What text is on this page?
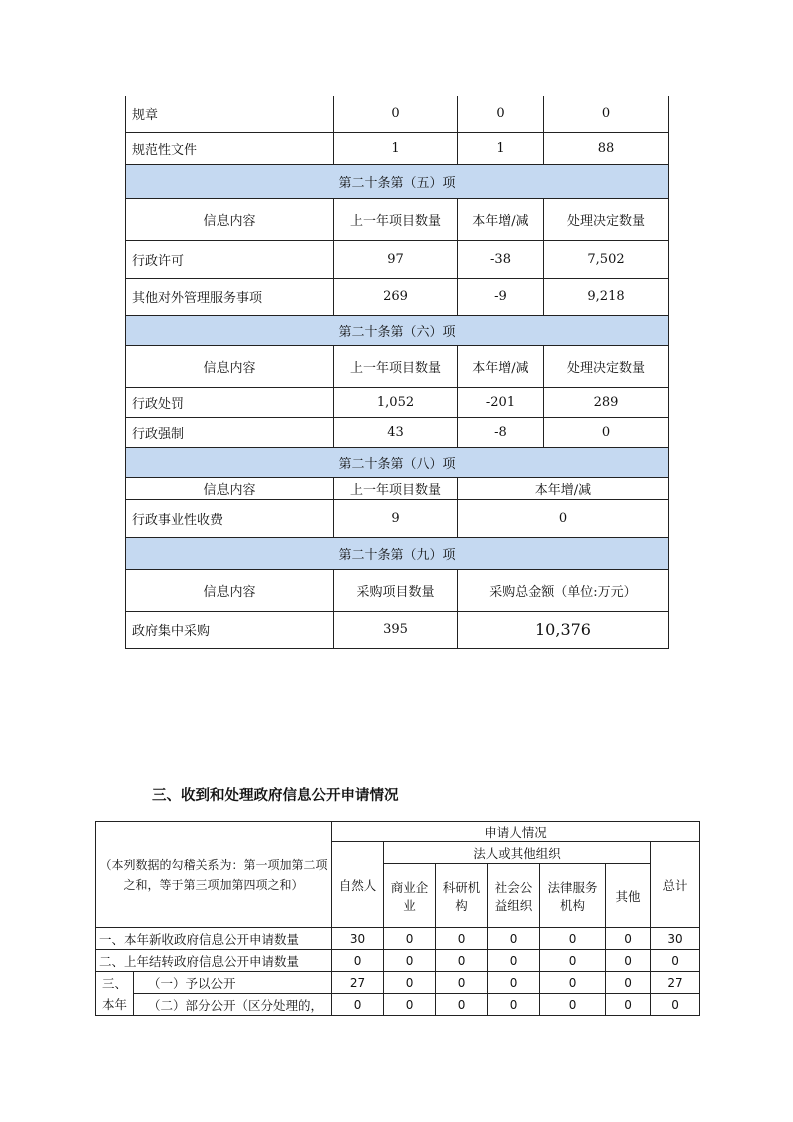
规章	0	0	0
规范性文件	1	1	88
第二十条第（五）项			
信息内容	上一年项目数量	本年增/减	处理决定数量
行政许可	97	-38	7,502
其他对外管理服务事项	269	-9	9,218
第二十条第（六）项			
信息内容	上一年项目数量	本年增/减	处理决定数量
行政处罚	1,052	-201	289
行政强制	43	-8	0
第二十条第（八）项			
信息内容	上一年项目数量	本年增/减	
行政事业性收费	9	0	
第二十条第（九）项			
信息内容	采购项目数量	采购总金额（单位:万元）	
政府集中采购	395	10,376	
三、收到和处理政府信息公开申请情况
（本列数据的勾稽关系为：第一项加第二项之和，等于第三项加第四项之和）		申请人情况						
		自然人	法人或其他组织					总计
			商业企业	科研机构	社会公益组织	法律服务机构	其他	
一、本年新收政府信息公开申请数量		30	0	0	0	0	0	30
二、上年结转政府信息公开申请数量		0	0	0	0	0	0	0
三、	（一）予以公开	27	0	0	0	0	0	27
本年	（二）部分公开（区分处理的，	0	0	0	0	0	0	0
